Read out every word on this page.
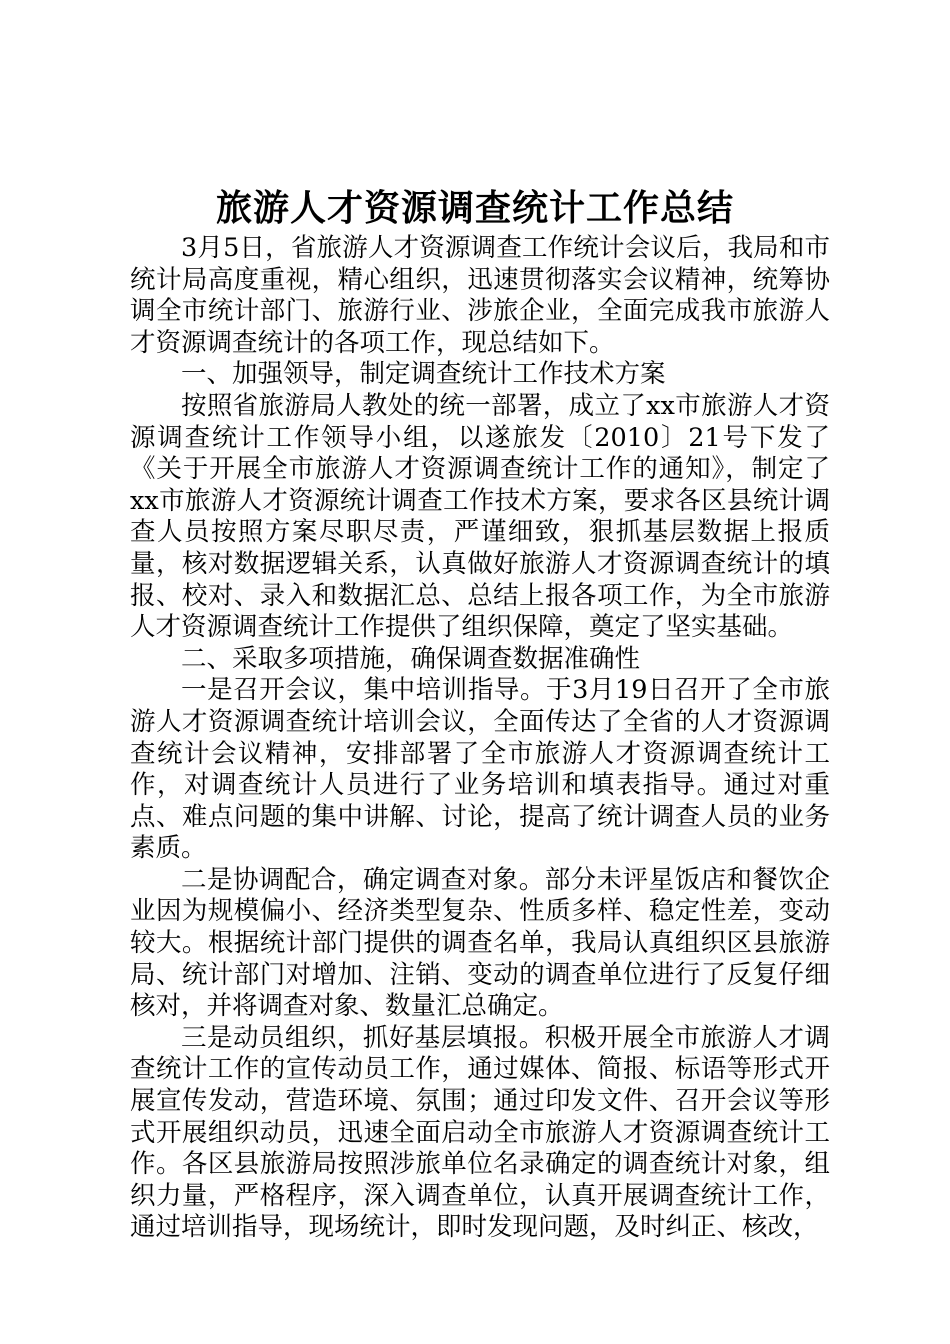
旅游人才资源调查统计工作总结

3月5日，省旅游人才资源调查工作统计会议后，我局和市统计局高度重视，精心组织，迅速贯彻落实会议精神，统筹协调全市统计部门、旅游行业、涉旅企业，全面完成我市旅游人才资源调查统计的各项工作，现总结如下。

一、加强领导，制定调查统计工作技术方案

按照省旅游局人教处的统一部署，成立了xx市旅游人才资源调查统计工作领导小组，以遂旅发〔2010〕21号下发了《关于开展全市旅游人才资源调查统计工作的通知》，制定了xx市旅游人才资源统计调查工作技术方案，要求各区县统计调查人员按照方案尽职尽责，严谨细致，狠抓基层数据上报质量，核对数据逻辑关系，认真做好旅游人才资源调查统计的填报、校对、录入和数据汇总、总结上报各项工作，为全市旅游人才资源调查统计工作提供了组织保障，奠定了坚实基础。

二、采取多项措施，确保调查数据准确性

一是召开会议，集中培训指导。于3月19日召开了全市旅游人才资源调查统计培训会议，全面传达了全省的人才资源调查统计会议精神，安排部署了全市旅游人才资源调查统计工作，对调查统计人员进行了业务培训和填表指导。通过对重点、难点问题的集中讲解、讨论，提高了统计调查人员的业务素质。

二是协调配合，确定调查对象。部分未评星饭店和餐饮企业因为规模偏小、经济类型复杂、性质多样、稳定性差，变动较大。根据统计部门提供的调查名单，我局认真组织区县旅游局、统计部门对增加、注销、变动的调查单位进行了反复仔细核对，并将调查对象、数量汇总确定。

三是动员组织，抓好基层填报。积极开展全市旅游人才调查统计工作的宣传动员工作，通过媒体、简报、标语等形式开展宣传发动，营造环境、氛围；通过印发文件、召开会议等形式开展组织动员，迅速全面启动全市旅游人才资源调查统计工作。各区县旅游局按照涉旅单位名录确定的调查统计对象，组织力量，严格程序，深入调查单位，认真开展调查统计工作，通过培训指导，现场统计，即时发现问题，及时纠正、核改，
